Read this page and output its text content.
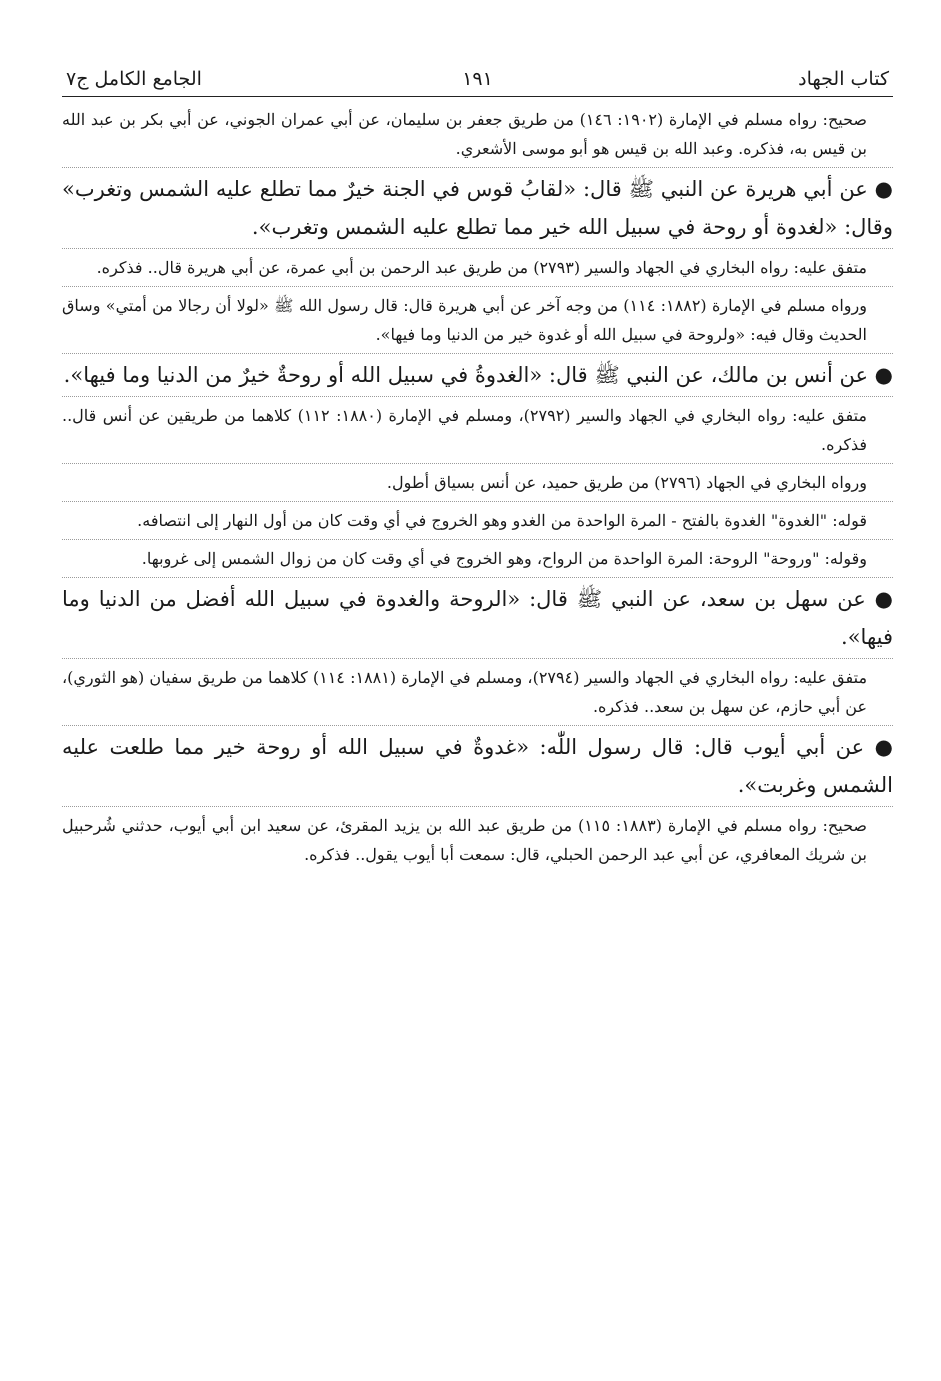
كتاب الجهاد
١٩١
الجامع الكامل ج٧

صحيح: رواه مسلم في الإمارة (١٩٠٢: ١٤٦) من طريق جعفر بن سليمان، عن أبي عمران الجوني، عن أبي بكر بن عبد الله بن قيس به، فذكره. وعبد الله بن قيس هو أبو موسى الأشعري.

● عن أبي هريرة عن النبي ﷺ قال: «لقابُ قوس في الجنة خيرٌ مما تطلع عليه الشمس وتغرب» وقال: «لغدوة أو روحة في سبيل الله خير مما تطلع عليه الشمس وتغرب».

متفق عليه: رواه البخاري في الجهاد والسير (٢٧٩٣) من طريق عبد الرحمن بن أبي عمرة، عن أبي هريرة قال.. فذكره.

ورواه مسلم في الإمارة (١٨٨٢: ١١٤) من وجه آخر عن أبي هريرة قال: قال رسول الله ﷺ «لولا أن رجالا من أمتي» وساق الحديث وقال فيه: «ولروحة في سبيل الله أو غدوة خير من الدنيا وما فيها».

● عن أنس بن مالك، عن النبي ﷺ قال: «الغدوةُ في سبيل الله أو روحةٌ خيرٌ من الدنيا وما فيها».

متفق عليه: رواه البخاري في الجهاد والسير (٢٧٩٢)، ومسلم في الإمارة (١٨٨٠: ١١٢) كلاهما من طريقين عن أنس قال.. فذكره.

ورواه البخاري في الجهاد (٢٧٩٦) من طريق حميد، عن أنس بسياق أطول.

قوله: "الغدوة" الغدوة بالفتح - المرة الواحدة من الغدو وهو الخروج في أي وقت كان من أول النهار إلى انتصافه.

وقوله: "وروحة" الروحة: المرة الواحدة من الرواح، وهو الخروج في أي وقت كان من زوال الشمس إلى غروبها.

● عن سهل بن سعد، عن النبي ﷺ قال: «الروحة والغدوة في سبيل الله أفضل من الدنيا وما فيها».

متفق عليه: رواه البخاري في الجهاد والسير (٢٧٩٤)، ومسلم في الإمارة (١٨٨١: ١١٤) كلاهما من طريق سفيان (هو الثوري)، عن أبي حازم، عن سهل بن سعد.. فذكره.

● عن أبي أيوب قال: قال رسول اللّٰه: «غدوةٌ في سبيل الله أو روحة خير مما طلعت عليه الشمس وغربت».

صحيح: رواه مسلم في الإمارة (١٨٨٣: ١١٥) من طريق عبد الله بن يزيد المقرئ، عن سعيد ابن أبي أيوب، حدثني شُرحبيل بن شريك المعافري، عن أبي عبد الرحمن الحبلي، قال: سمعت أبا أيوب يقول.. فذكره.
